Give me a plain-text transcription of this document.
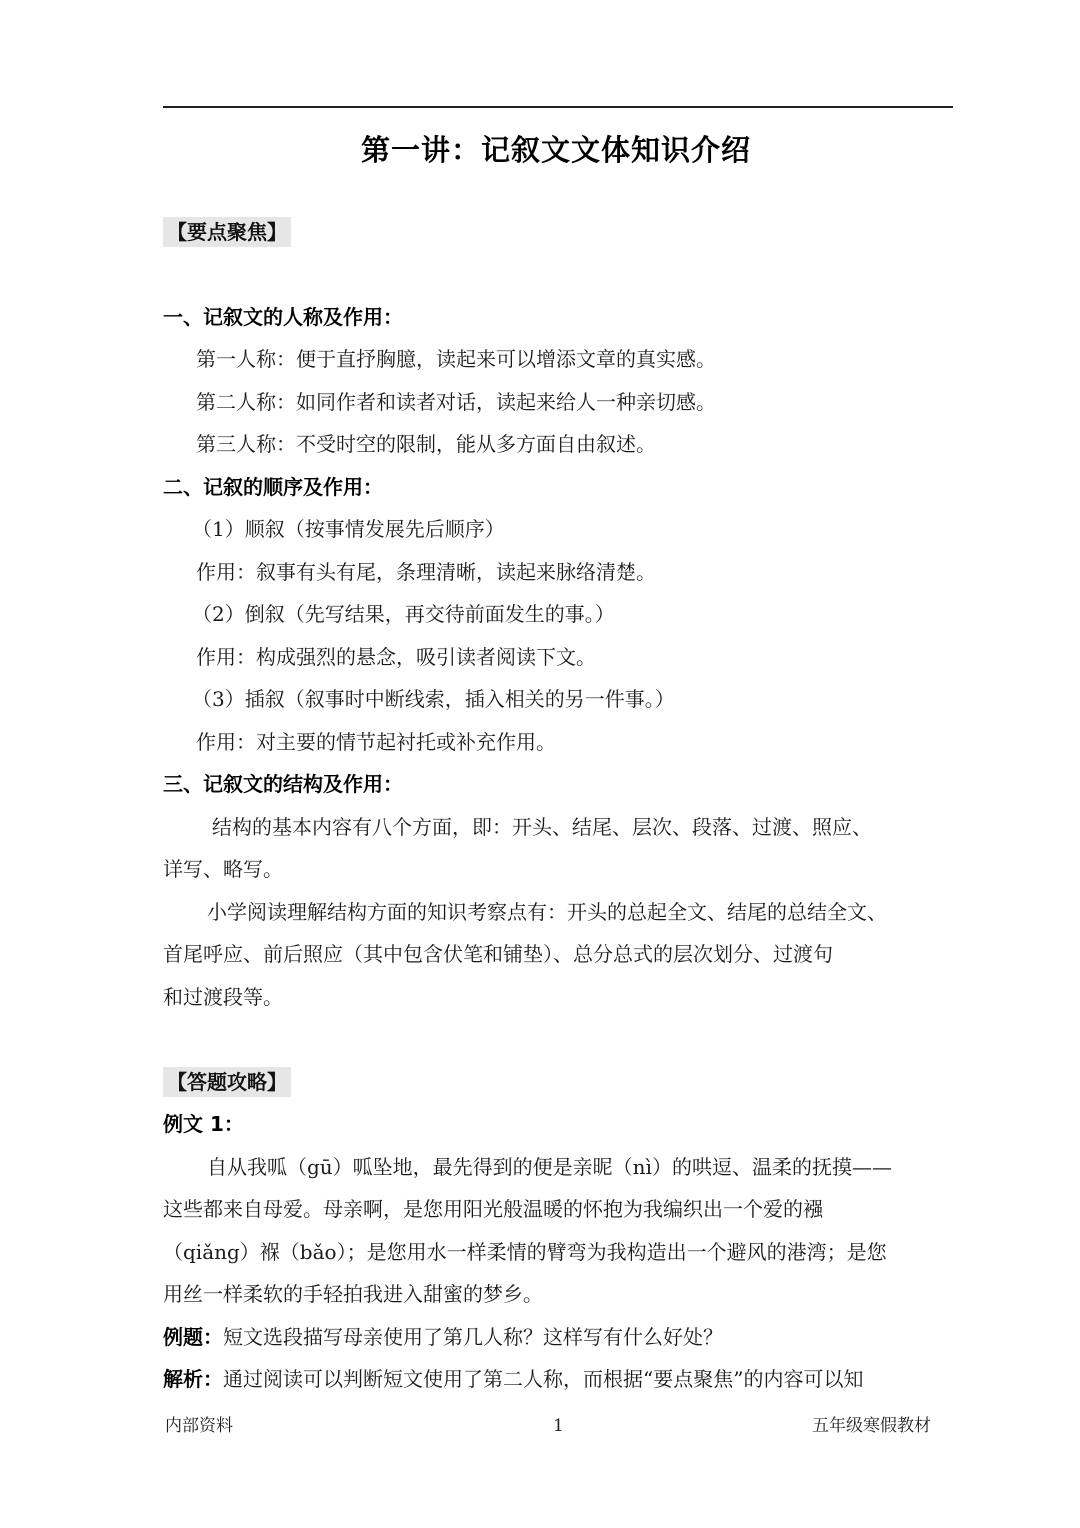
第一讲：记叙文文体知识介绍
【要点聚焦】
一、记叙文的人称及作用：
第一人称：便于直抒胸臆，读起来可以增添文章的真实感。
第二人称：如同作者和读者对话，读起来给人一种亲切感。
第三人称：不受时空的限制，能从多方面自由叙述。
二、记叙的顺序及作用：
（1）顺叙（按事情发展先后顺序）
作用：叙事有头有尾，条理清晰，读起来脉络清楚。
（2）倒叙（先写结果，再交待前面发生的事。）
作用：构成强烈的悬念，吸引读者阅读下文。
（3）插叙（叙事时中断线索，插入相关的另一件事。）
作用：对主要的情节起衬托或补充作用。
三、记叙文的结构及作用：
结构的基本内容有八个方面，即：开头、结尾、层次、段落、过渡、照应、
详写、略写。
小学阅读理解结构方面的知识考察点有：开头的总起全文、结尾的总结全文、
首尾呼应、前后照应（其中包含伏笔和铺垫）、总分总式的层次划分、过渡句
和过渡段等。
【答题攻略】
例文 1：
自从我呱（gū）呱坠地，最先得到的便是亲昵（nì）的哄逗、温柔的抚摸——
这些都来自母爱。母亲啊，是您用阳光般温暖的怀抱为我编织出一个爱的襁
（qiǎng）褓（bǎo）；是您用水一样柔情的臂弯为我构造出一个避风的港湾；是您
用丝一样柔软的手轻拍我进入甜蜜的梦乡。
例题：短文选段描写母亲使用了第几人称？这样写有什么好处？
解析：通过阅读可以判断短文使用了第二人称，而根据“要点聚焦”的内容可以知
内部资料	1	五年级寒假教材
